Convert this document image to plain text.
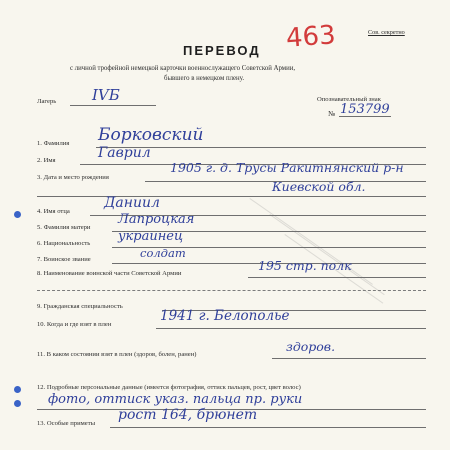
Сов. секретно
ПЕРЕВОД 463
с личной трофейной немецкой карточки военнослужащего Советской Армии,
бывшего в немецком плену.
Лагерь IVБ	Опознавательный знак
№ 153799
1. Фамилия Борковский
2. Имя	Гаврил
3. Дата и место рождения
1905 г. д. Трусы Ракитнянский р-н
Киевской обл.
4. Имя отца
Даниил
5. Фамилия матери
Лапроцкая
6. Национальность украинец
7. Воинское звание	солдат
8. Наименование воинской части Советской Армии
195 стр. полк
9. Гражданская специальность
10. Когда и где взят в плен
1941 г. Белополье
11. В каком состоянии взят в плен (здоров, болен, ранен)
здоров.
12. Подробные персональные данные (имеется фотография, оттиск пальцев, рост, цвет волос)
фото, оттиск указ. пальца пр. руки
13. Особые приметы
рост 164, брюнет
